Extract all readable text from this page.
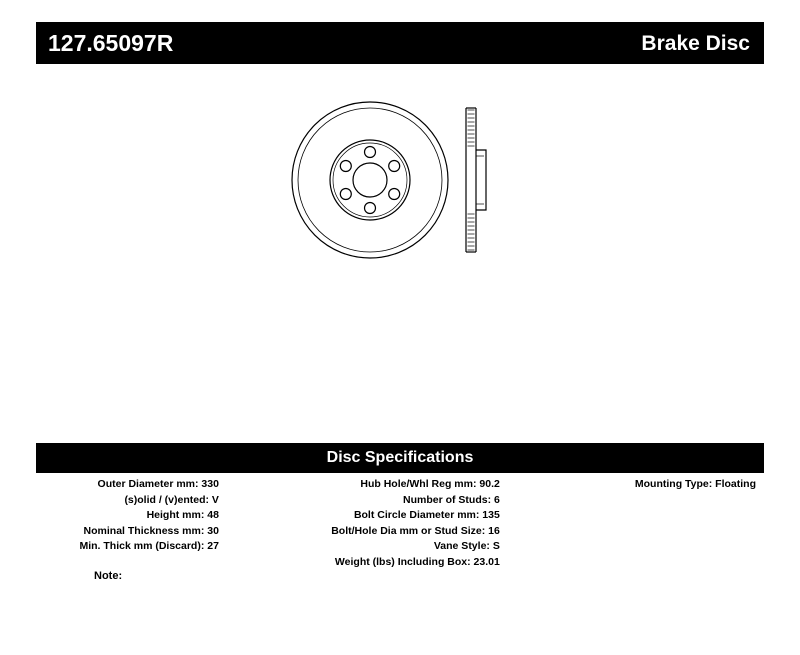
127.65097R	Brake Disc
Disc Specifications
Outer Diameter mm: 330
(s)olid / (v)ented: V
Height mm: 48
Nominal Thickness mm: 30
Min. Thick mm (Discard): 27
Hub Hole/Whl Reg mm: 90.2
Number of Studs: 6
Bolt Circle Diameter mm: 135
Bolt/Hole Dia mm or Stud Size: 16
Vane Style: S
Weight (lbs) Including Box: 23.01
Mounting Type: Floating
Note:
